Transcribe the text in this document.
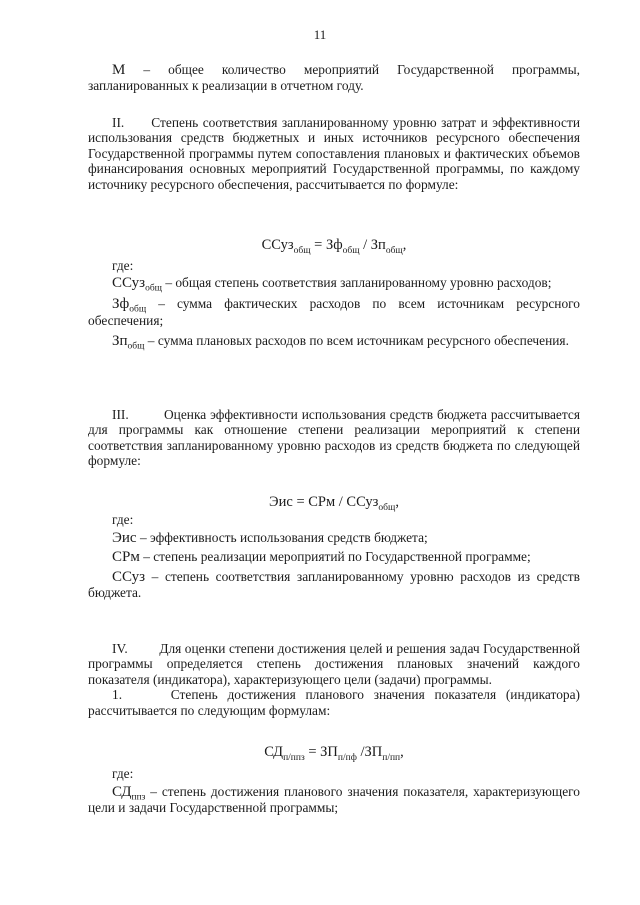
11

М – общее количество мероприятий Государственной программы, запланированных к реализации в отчетном году.

II. Степень соответствия запланированному уровню затрат и эффективности использования средств бюджетных и иных источников ресурсного обеспечения Государственной программы путем сопоставления плановых и фактических объемов финансирования основных мероприятий Государственной программы, по каждому источнику ресурсного обеспечения, рассчитывается по формуле:

ССуз$_{общ}$ = $Зф_{общ} / Зп_{общ}$,
где:

ССуз$_{общ}$ – общая степень соответствия запланированному уровню расходов;

$Зф_{общ}$ – сумма фактических расходов по всем источникам ресурсного обеспечения;

$Зп_{общ}$ – сумма плановых расходов по всем источникам ресурсного обеспечения.

III.	Оценка эффективности использования средств бюджета рассчитывается для программы как отношение степени реализации мероприятий к степени соответствия запланированному уровню расходов из средств бюджета по следующей формуле:

Эис = СРм / ССуз$_{общ}$,
где:

Эис – эффективность использования средств бюджета;

СРм – степень реализации мероприятий по Государственной программе;

ССуз – степень соответствия запланированному уровню расходов из средств бюджета.

IV. Для оценки степени достижения целей и решения задач Государственной программы определяется степень достижения плановых значений каждого показателя (индикатора), характеризующего цели (задачи) программы.

1.	Степень достижения планового значения показателя (индикатора) рассчитывается по следующим формулам:

$СД_{п/ппз} = ЗП_{п/пф}$ $/ЗП_{п/пп}$,
где:

$СД_{ппз}$ – степень достижения планового значения показателя, характеризующего цели и задачи Государственной программы;
